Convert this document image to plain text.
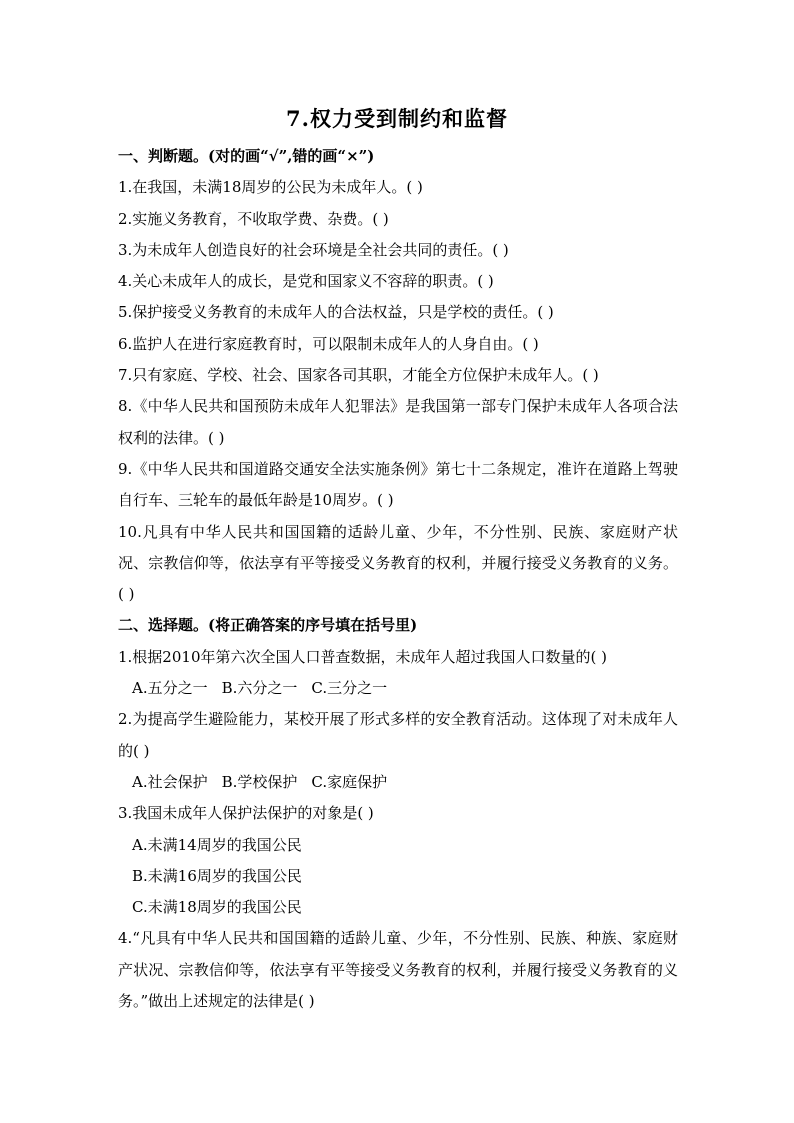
7.权力受到制约和监督
一、判断题。(对的画“√”,错的画“×”)
1.在我国，未满18周岁的公民为未成年人。( )
2.实施义务教育，不收取学费、杂费。( )
3.为未成年人创造良好的社会环境是全社会共同的责任。( )
4.关心未成年人的成长，是党和国家义不容辞的职责。( )
5.保护接受义务教育的未成年人的合法权益，只是学校的责任。( )
6.监护人在进行家庭教育时，可以限制未成年人的人身自由。( )
7.只有家庭、学校、社会、国家各司其职，才能全方位保护未成年人。( )
8.《中华人民共和国预防未成年人犯罪法》是我国第一部专门保护未成年人各项合法权利的法律。( )
9.《中华人民共和国道路交通安全法实施条例》第七十二条规定，准许在道路上驾驶自行车、三轮车的最低年龄是10周岁。( )
10.凡具有中华人民共和国国籍的适龄儿童、少年，不分性别、民族、家庭财产状况、宗教信仰等，依法享有平等接受义务教育的权利，并履行接受义务教育的义务。( )
二、选择题。(将正确答案的序号填在括号里)
1.根据2010年第六次全国人口普查数据，未成年人超过我国人口数量的( )
A.五分之一 B.六分之一 C.三分之一
2.为提高学生避险能力，某校开展了形式多样的安全教育活动。这体现了对未成年人的( )
A.社会保护 B.学校保护 C.家庭保护
3.我国未成年人保护法保护的对象是( )
A.未满14周岁的我国公民
B.未满16周岁的我国公民
C.未满18周岁的我国公民
4.“凡具有中华人民共和国国籍的适龄儿童、少年，不分性别、民族、种族、家庭财产状况、宗教信仰等，依法享有平等接受义务教育的权利，并履行接受义务教育的义务。”做出上述规定的法律是( )
